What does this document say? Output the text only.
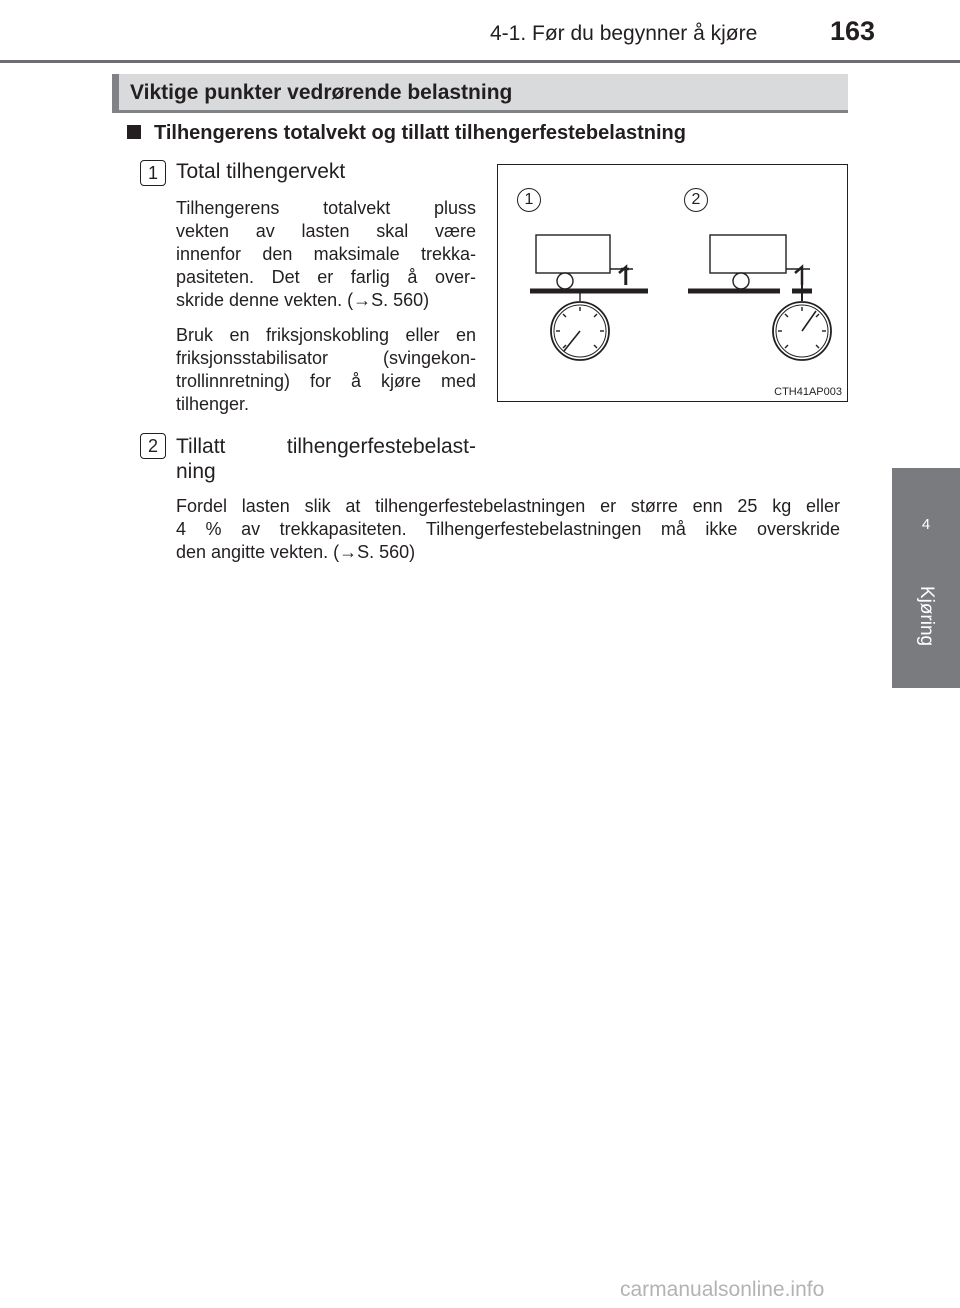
4-1. Før du begynner å kjøre	163
4
Kjøring
Viktige punkter vedrørende belastning
Tilhengerens totalvekt og tillatt tilhengerfestebelastning
1 Total tilhengervekt
Tilhengerens totalvekt pluss
vekten av lasten skal være
innenfor den maksimale trekka-
pasiteten. Det er farlig å over-
skride denne vekten. (→S. 560)
Bruk en friksjonskobling eller en
friksjonsstabilisator (svingekon-
trollinnretning) for å kjøre med
tilhenger.
2 Tillatt tilhengerfestebelast-
ning
Fordel lasten slik at tilhengerfestebelastningen er større enn 25 kg eller
4 % av trekkapasiteten. Tilhengerfestebelastningen må ikke overskride
den angitte vekten. (→S. 560)
1	2
CTH41AP003
carmanualsonline.info
